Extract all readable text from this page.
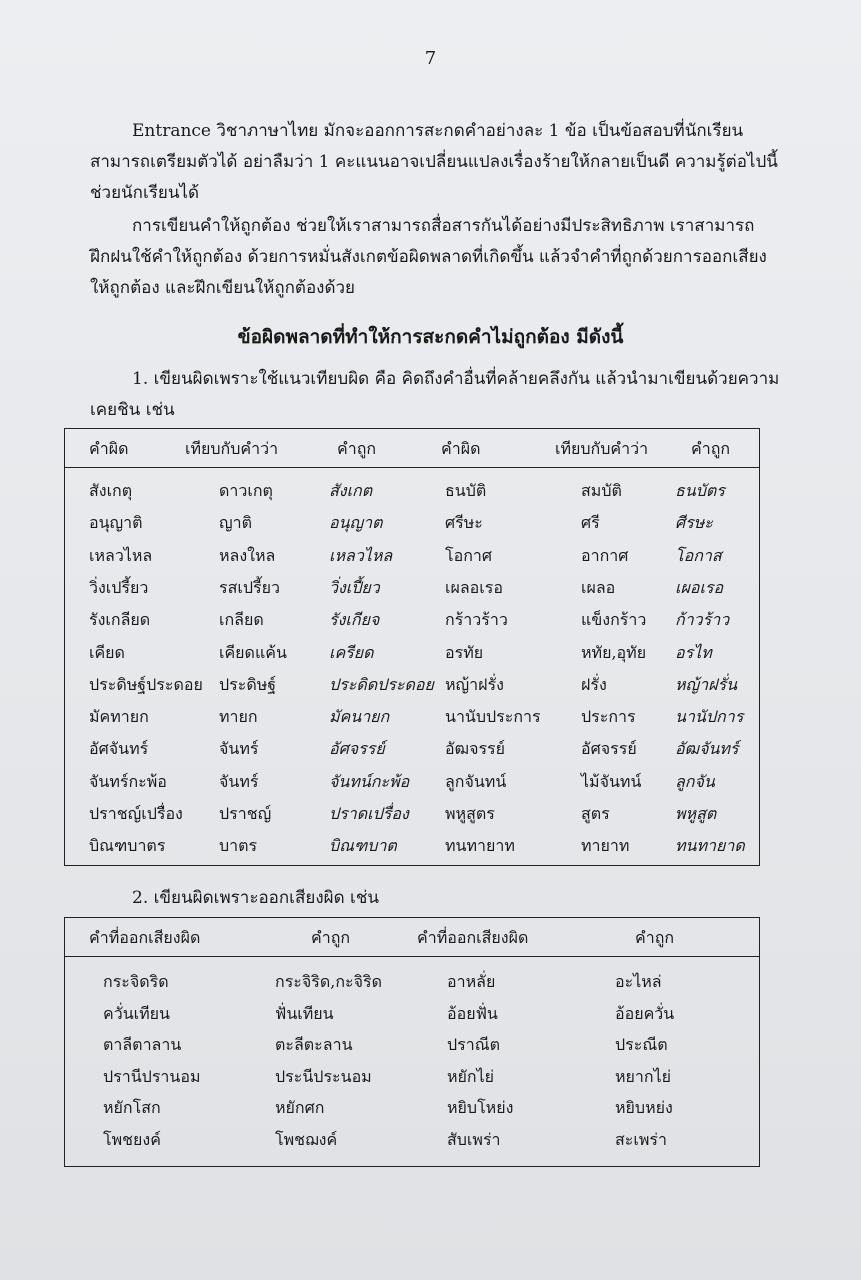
7
Entrance วิชาภาษาไทย มักจะออกการสะกดคำอย่างละ 1 ข้อ เป็นข้อสอบที่นักเรียนสามารถเตรียมตัวได้ อย่าลืมว่า 1 คะแนนอาจเปลี่ยนแปลงเรื่องร้ายให้กลายเป็นดี ความรู้ต่อไปนี้ช่วยนักเรียนได้
การเขียนคำให้ถูกต้อง ช่วยให้เราสามารถสื่อสารกันได้อย่างมีประสิทธิภาพ เราสามารถฝึกฝนใช้คำให้ถูกต้อง ด้วยการหมั่นสังเกตข้อผิดพลาดที่เกิดขึ้น แล้วจำคำที่ถูกด้วยการออกเสียงให้ถูกต้อง และฝึกเขียนให้ถูกต้องด้วย
ข้อผิดพลาดที่ทำให้การสะกดคำไม่ถูกต้อง มีดังนี้
1. เขียนผิดเพราะใช้แนวเทียบผิด คือ คิดถึงคำอื่นที่คล้ายคลึงกัน แล้วนำมาเขียนด้วยความเคยชิน เช่น
คำผิด	เทียบกับคำว่า	คำถูก	คำผิด	เทียบกับคำว่า	คำถูก
สังเกตุ	ดาวเกตุ	สังเกต	ธนบัติ	สมบัติ	ธนบัตร
อนุญาติ	ญาติ	อนุญาต	ศรีษะ	ศรี	ศีรษะ
เหลวไหล	หลงใหล	เหลวไหล	โอกาศ	อากาศ	โอกาส
วิ่งเปรี้ยว	รสเปรี้ยว	วิ่งเปี้ยว	เผลอเรอ	เผลอ	เผอเรอ
รังเกลียด	เกลียด	รังเกียจ	กร้าวร้าว	แข็งกร้าว ก้าวร้าว
เคียด	เคียดแค้น	เครียด	อรทัย	หทัย,อุทัย อรไท
ประดิษฐ์ประดอย ประดิษฐ์	ประดิดประดอย หญ้าฝรั่ง	ฝรั่ง	หญ้าฝรั่น
มัคทายก	ทายก	มัคนายก	นานับประการ	ประการ นานัปการ
อัศจันทร์	จันทร์	อัศจรรย์	อัฒจรรย์	อัศจรรย์ อัฒจันทร์
จันทร์กะพ้อ	จันทร์	จันทน์กะพ้อ ลูกจันทน์	ไม้จันทน์ ลูกจัน
ปราชญ์เปรื่อง ปราชญ์	ปราดเปรื่อง พหูสูตร	สูตร	พหูสูต
บิณฑบาตร	บาตร	บิณฑบาต	ทนทายาท	ทายาท	ทนทายาด
2. เขียนผิดเพราะออกเสียงผิด เช่น
คำที่ออกเสียงผิด	คำถูก	คำที่ออกเสียงผิด	คำถูก
กระจิดริด	กระจิริด,กะจิริด	อาหลั่ย	อะไหล่
ควั่นเทียน	ฟั่นเทียน	อ้อยฟั่น	อ้อยควั่น
ตาลีตาลาน	ตะลีตะลาน	ปราณีต	ประณีต
ปรานีปรานอม	ประนีประนอม	หยักไย่	หยากไย่
หยักโสก	หยักศก	หยิบโหย่ง	หยิบหย่ง
โพชยงค์	โพชฌงค์	สับเพร่า	สะเพร่า
